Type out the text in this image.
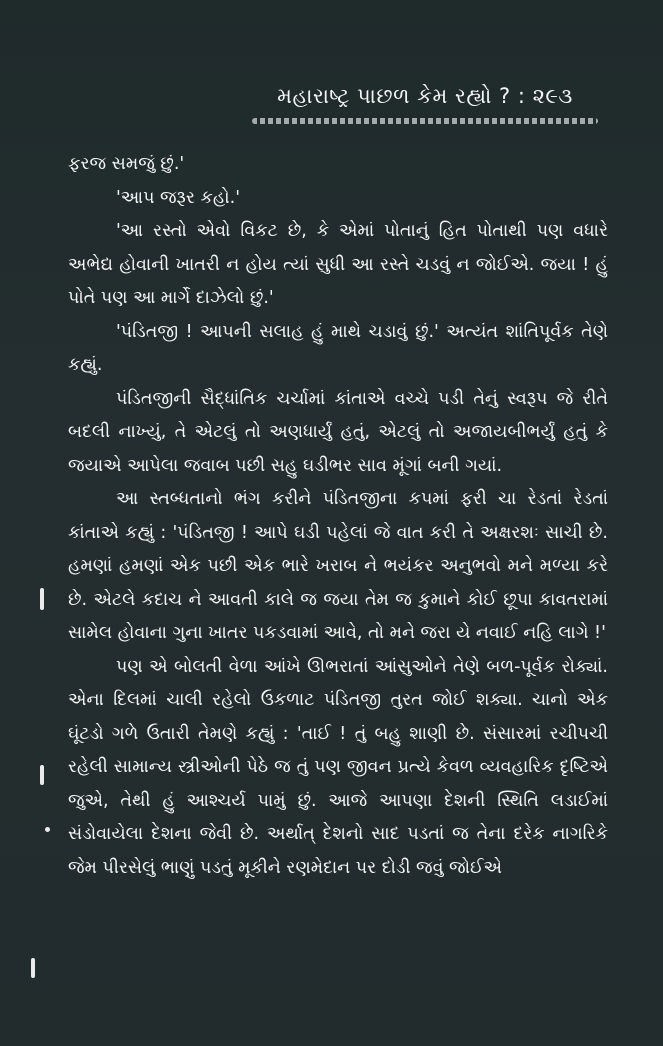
મહારાષ્ટ્ર પાછળ કેમ રહ્યો ? : ૨૯૩

ફરજ સમજું છું.'

'આપ જરૂર કહો.'

'આ રસ્તો એવો વિકટ છે, કે એમાં પોતાનું હિત પોતાથી પણ વધારે અભેદ્ય હોવાની ખાતરી ન હોય ત્યાં સુધી આ રસ્તે ચડવું ન જોઈએ. જયા ! હું પોતે પણ આ માર્ગે દાઝેલો છું.'

'પંડિતજી ! આપની સલાહ હું માથે ચડાવું છું.' અત્યંત શાંતિપૂર્વક તેણે કહ્યું.

પંડિતજીની સૈદ્ધાંતિક ચર્ચામાં કાંતાએ વચ્ચે પડી તેનું સ્વરૂપ જે રીતે બદલી નાખ્યું, તે એટલું તો અણધાર્યું હતું, એટલું તો અજાયબીભર્યું હતું કે જયાએ આપેલા જવાબ પછી સહુ ઘડીભર સાવ મૂંગાં બની ગયાં.

આ સ્તબ્ધતાનો ભંગ કરીને પંડિતજીના કપમાં ફરી ચા રેડતાં રેડતાં કાંતાએ કહ્યું : 'પંડિતજી ! આપે ઘડી પહેલાં જે વાત કરી તે અક્ષરશઃ સાચી છે. હમણાં હમણાં એક પછી એક ભારે ખરાબ ને ભયંકર અનુભવો મને મળ્યા કરે છે. એટલે કદાચ ને આવતી કાલે જ જયા તેમ જ કુમાને કોઈ છૂપા કાવતરામાં સામેલ હોવાના ગુના ખાતર પકડવામાં આવે, તો મને જરા યે નવાઈ નહિ લાગે !'

પણ એ બોલતી વેળા આંખે ઊભરાતાં આંસુઓને તેણે બળ-પૂર્વક રોક્યાં. એના દિલમાં ચાલી રહેલો ઉકળાટ પંડિતજી તુરત જોઈ શક્યા. ચાનો એક ઘૂંટડો ગળે ઉતારી તેમણે કહ્યું : 'તાઈ ! તું બહુ શાણી છે. સંસારમાં રચીપચી રહેલી સામાન્ય સ્ત્રીઓની પેઠે જ તું પણ જીવન પ્રત્યે કેવળ વ્યવહારિક દૃષ્ટિએ જુએ, તેથી હું આશ્ચર્ય પામું છું. આજે આપણા દેશની સ્થિતિ લડાઈમાં સંડોવાયેલા દેશના જેવી છે. અર્થાત્ દેશનો સાદ પડતાં જ તેના દરેક નાગરિકે જેમ પીરસેલું ભાણું પડતું મૂકીને રણમેદાન પર દોડી જવું જોઈએ
